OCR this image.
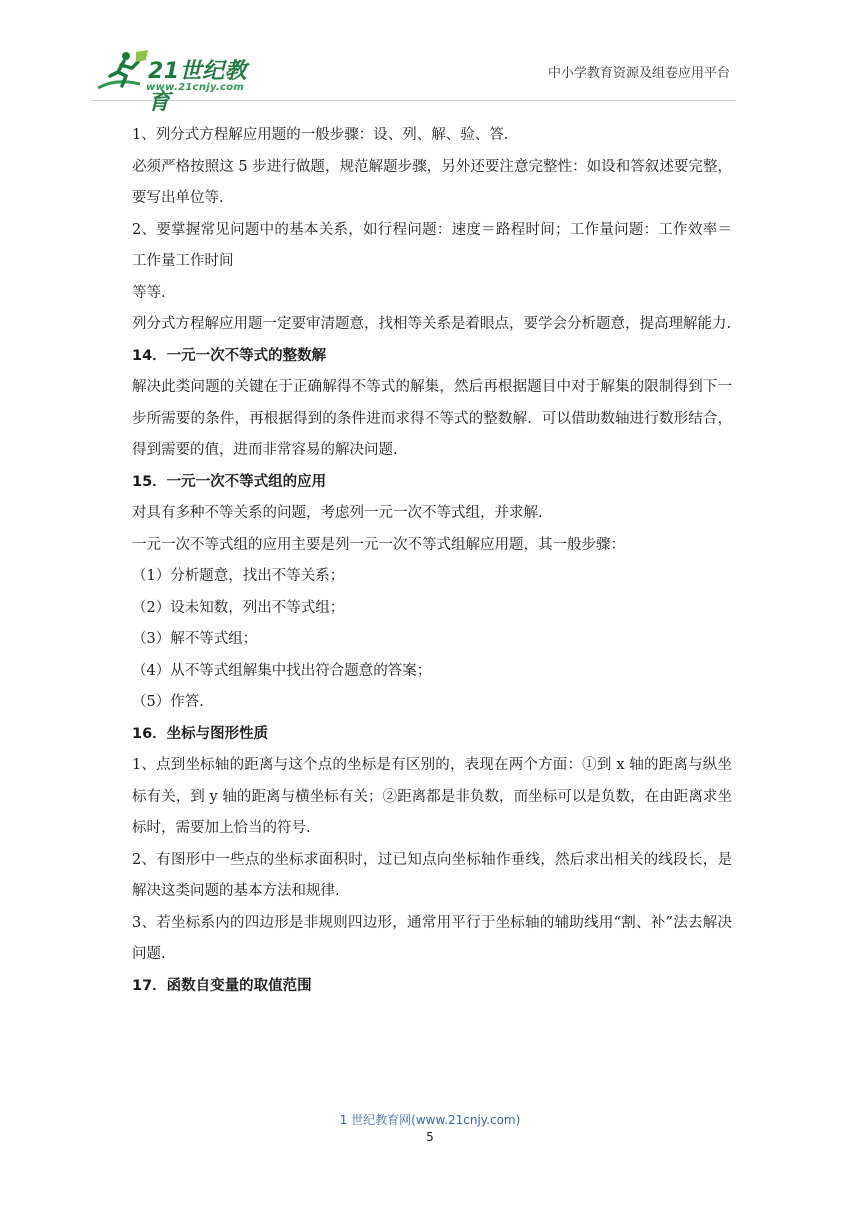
21世纪教育
www.21cnjy.com
中小学教育资源及组卷应用平台

1、列分式方程解应用题的一般步骤：设、列、解、验、答.

必须严格按照这 5 步进行做题，规范解题步骤，另外还要注意完整性：如设和答叙述要完整，要写出单位等.

2、要掌握常见问题中的基本关系，如行程问题：速度＝路程时间；工作量问题：工作效率＝工作量工作时间

等等.

列分式方程解应用题一定要审清题意，找相等关系是着眼点，要学会分析题意，提高理解能力.

14．一元一次不等式的整数解

解决此类问题的关键在于正确解得不等式的解集，然后再根据题目中对于解集的限制得到下一步所需要的条件，再根据得到的条件进而求得不等式的整数解．可以借助数轴进行数形结合，得到需要的值，进而非常容易的解决问题.

15．一元一次不等式组的应用

对具有多种不等关系的问题，考虑列一元一次不等式组，并求解.

一元一次不等式组的应用主要是列一元一次不等式组解应用题，其一般步骤：

（1）分析题意，找出不等关系；

（2）设未知数，列出不等式组；

（3）解不等式组；

（4）从不等式组解集中找出符合题意的答案；

（5）作答.

16．坐标与图形性质

1、点到坐标轴的距离与这个点的坐标是有区别的，表现在两个方面：①到 x 轴的距离与纵坐标有关，到 y 轴的距离与横坐标有关；②距离都是非负数，而坐标可以是负数，在由距离求坐标时，需要加上恰当的符号.

2、有图形中一些点的坐标求面积时，过已知点向坐标轴作垂线，然后求出相关的线段长，是解决这类问题的基本方法和规律.

3、若坐标系内的四边形是非规则四边形，通常用平行于坐标轴的辅助线用“割、补”法去解决问题.

17．函数自变量的取值范围

1 世纪教育网(www.21cnjy.com)
5
